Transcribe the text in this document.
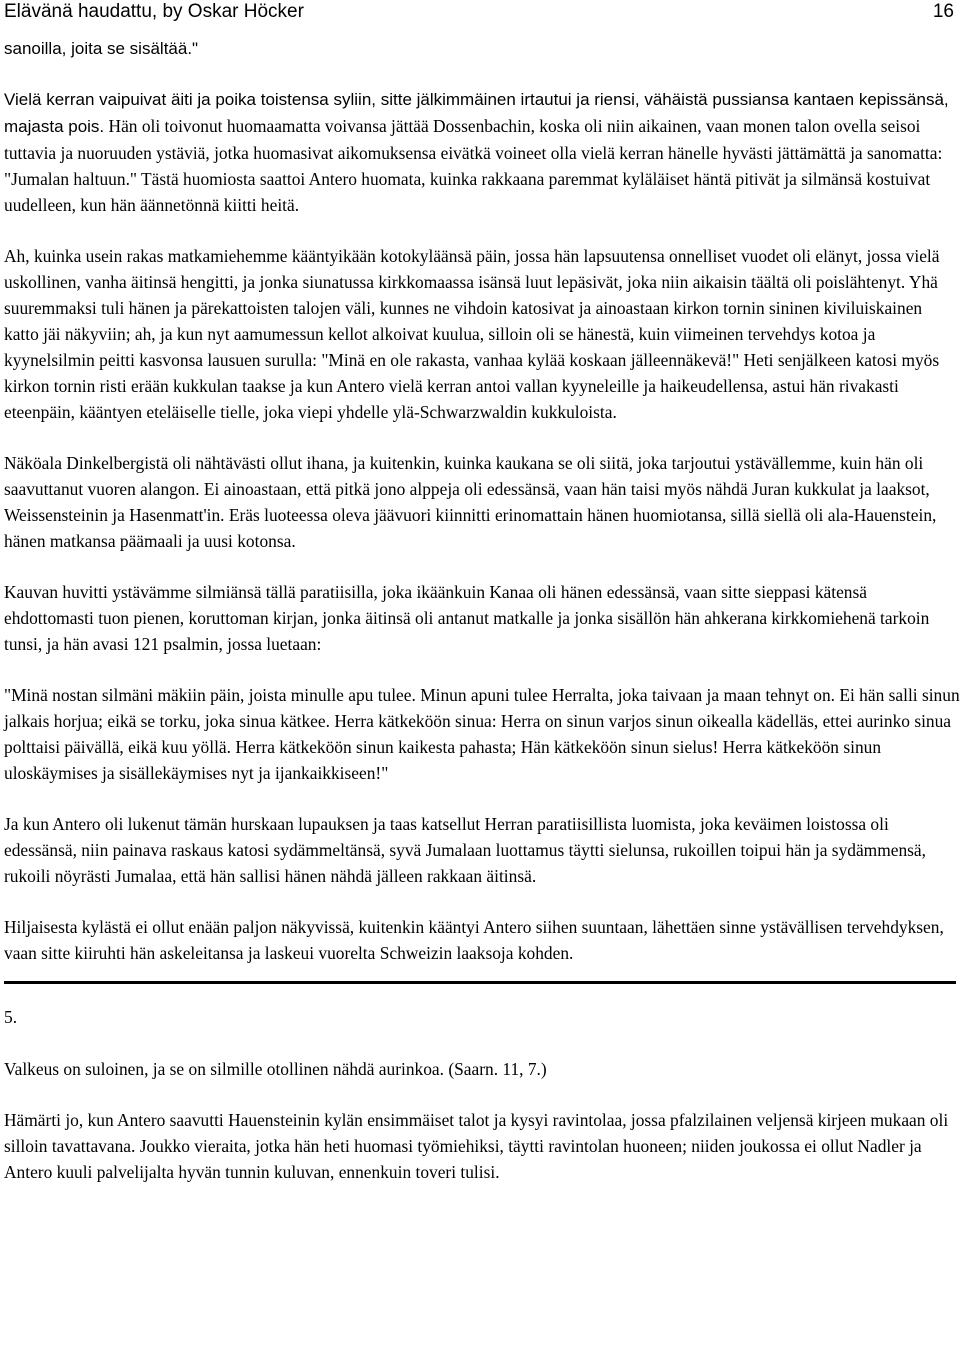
Elävänä haudattu, by Oskar Höcker	16

sanoilla, joita se sisältää."

Vielä kerran vaipuivat äiti ja poika toistensa syliin, sitte jälkimmäinen irtautui ja riensi, vähäistä pussiansa kantaen kepissänsä, majasta pois. Hän oli toivonut huomaamatta voivansa jättää Dossenbachin, koska oli niin aikainen, vaan monen talon ovella seisoi tuttavia ja nuoruuden ystäviä, jotka huomasivat aikomuksensa eivätkä voineet olla vielä kerran hänelle hyvästi jättämättä ja sanomatta: "Jumalan haltuun." Tästä huomiosta saattoi Antero huomata, kuinka rakkaana paremmat kyläläiset häntä pitivät ja silmänsä kostuivat uudelleen, kun hän äännetönnä kiitti heitä.

Ah, kuinka usein rakas matkamiehemme kääntyikään kotokyläänsä päin, jossa hän lapsuutensa onnelliset vuodet oli elänyt, jossa vielä uskollinen, vanha äitinsä hengitti, ja jonka siunatussa kirkkomaassa isänsä luut lepäsivät, joka niin aikaisin täältä oli poislähtenyt. Yhä suuremmaksi tuli hänen ja pärekattoisten talojen väli, kunnes ne vihdoin katosivat ja ainoastaan kirkon tornin sininen kiviluiskainen katto jäi näkyviin; ah, ja kun nyt aamumessun kellot alkoivat kuulua, silloin oli se hänestä, kuin viimeinen tervehdys kotoa ja kyynelsilmin peitti kasvonsa lausuen surulla: "Minä en ole rakasta, vanhaa kylää koskaan jälleennäkevä!" Heti senjälkeen katosi myös kirkon tornin risti erään kukkulan taakse ja kun Antero vielä kerran antoi vallan kyyneleille ja haikeudellensa, astui hän rivakasti eteenpäin, kääntyen eteläiselle tielle, joka viepi yhdelle ylä-Schwarzwaldin kukkuloista.

Näköala Dinkelbergistä oli nähtävästi ollut ihana, ja kuitenkin, kuinka kaukana se oli siitä, joka tarjoutui ystävällemme, kuin hän oli saavuttanut vuoren alangon. Ei ainoastaan, että pitkä jono alppeja oli edessänsä, vaan hän taisi myös nähdä Juran kukkulat ja laaksot, Weissensteinin ja Hasenmatt'in. Eräs luoteessa oleva jäävuori kiinnitti erinomattain hänen huomiotansa, sillä siellä oli ala-Hauenstein, hänen matkansa päämaali ja uusi kotonsa.

Kauvan huvitti ystävämme silmiänsä tällä paratiisilla, joka ikäänkuin Kanaa oli hänen edessänsä, vaan sitte sieppasi kätensä ehdottomasti tuon pienen, koruttoman kirjan, jonka äitinsä oli antanut matkalle ja jonka sisällön hän ahkerana kirkkomiehenä tarkoin tunsi, ja hän avasi 121 psalmin, jossa luetaan:

"Minä nostan silmäni mäkiin päin, joista minulle apu tulee. Minun apuni tulee Herralta, joka taivaan ja maan tehnyt on. Ei hän salli sinun jalkais horjua; eikä se torku, joka sinua kätkee. Herra kätkeköön sinua: Herra on sinun varjos sinun oikealla kädelläs, ettei aurinko sinua polttaisi päivällä, eikä kuu yöllä. Herra kätkeköön sinun kaikesta pahasta; Hän kätkeköön sinun sielus! Herra kätkeköön sinun uloskäymises ja sisällekäymises nyt ja ijankaikkiseen!"

Ja kun Antero oli lukenut tämän hurskaan lupauksen ja taas katsellut Herran paratiisillista luomista, joka keväimen loistossa oli edessänsä, niin painava raskaus katosi sydämmeltänsä, syvä Jumalaan luottamus täytti sielunsa, rukoillen toipui hän ja sydämmensä, rukoili nöyrästi Jumalaa, että hän sallisi hänen nähdä jälleen rakkaan äitinsä.

Hiljaisesta kylästä ei ollut enään paljon näkyvissä, kuitenkin kääntyi Antero siihen suuntaan, lähettäen sinne ystävällisen tervehdyksen, vaan sitte kiiruhti hän askeleitansa ja laskeui vuorelta Schweizin laaksoja kohden.

5.

Valkeus on suloinen, ja se on silmille otollinen nähdä aurinkoa. (Saarn. 11, 7.)

Hämärti jo, kun Antero saavutti Hauensteinin kylän ensimmäiset talot ja kysyi ravintolaa, jossa pfalzilainen veljensä kirjeen mukaan oli silloin tavattavana. Joukko vieraita, jotka hän heti huomasi työmiehiksi, täytti ravintolan huoneen; niiden joukossa ei ollut Nadler ja Antero kuuli palvelijalta hyvän tunnin kuluvan, ennenkuin toveri tulisi.
